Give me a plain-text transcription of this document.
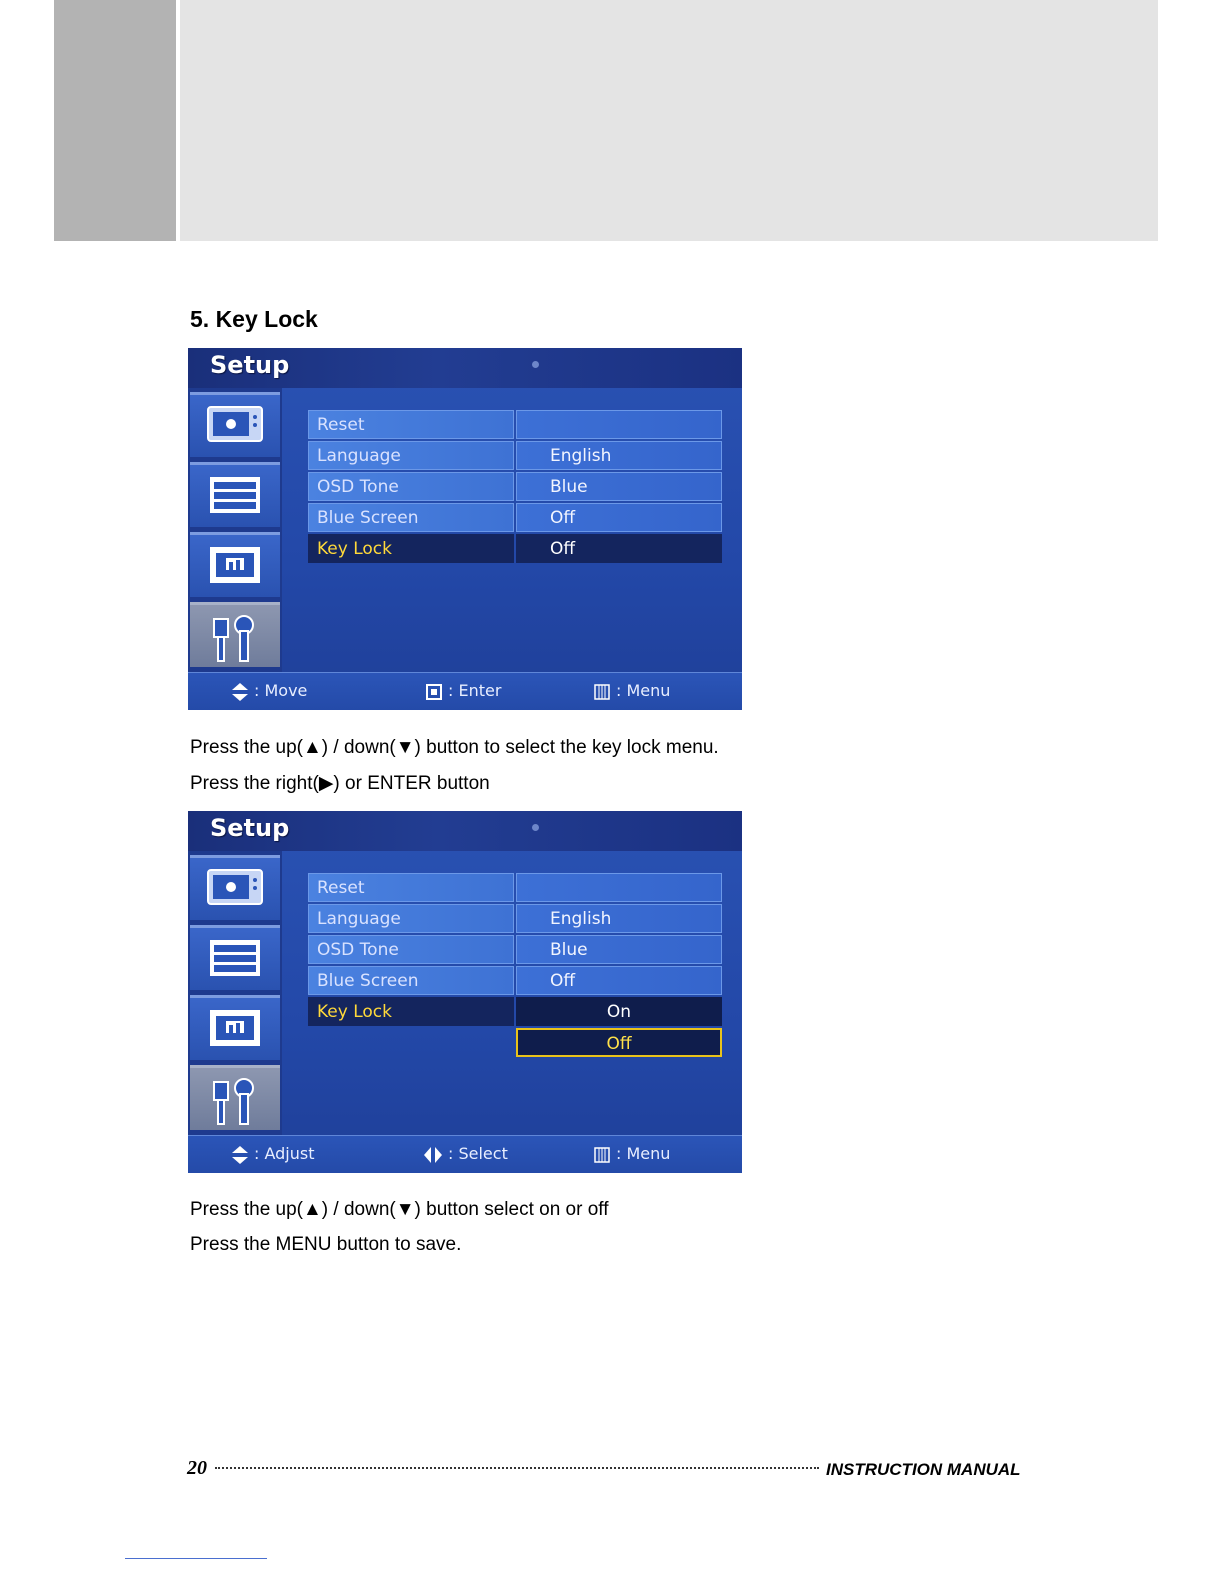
5. Key Lock
Setup
Reset
Language	English
OSD Tone	Blue
Blue Screen	Off
Key Lock	Off
: Move	: Enter	: Menu
Press the up(▲) / down(▼) button to select the key lock menu.
Press the right(▶) or ENTER button
Setup
Reset
Language	English
OSD Tone	Blue
Blue Screen	Off
Key Lock	On
Off
: Adjust	: Select	: Menu
Press the up(▲) / down(▼) button select on or off
Press the MENU button to save.
20	INSTRUCTION MANUAL
